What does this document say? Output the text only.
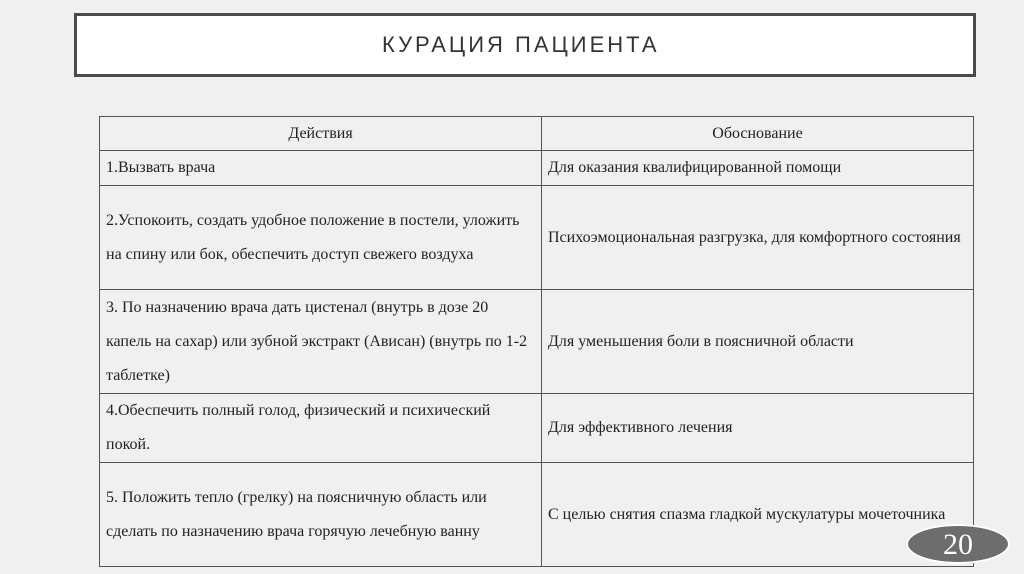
КУРАЦИЯ ПАЦИЕНТА
Действия	Обоснование
1.Вызвать врача	Для оказания квалифицированной помощи
2.Успокоить, создать удобное положение в постели, уложить на спину или бок, обеспечить доступ свежего воздуха	Психоэмоциональная разгрузка, для комфортного состояния
3. По назначению врача дать цистенал (внутрь в дозе 20 капель на сахар) или зубной экстракт (Ависан) (внутрь по 1-2 таблетке)	Для уменьшения боли в поясничной области
4.Обеспечить полный голод, физический и психический покой.	Для эффективного лечения
5. Положить тепло (грелку) на поясничную область или сделать по назначению врача горячую лечебную ванну	С целью снятия спазма гладкой мускулатуры мочеточника
20
